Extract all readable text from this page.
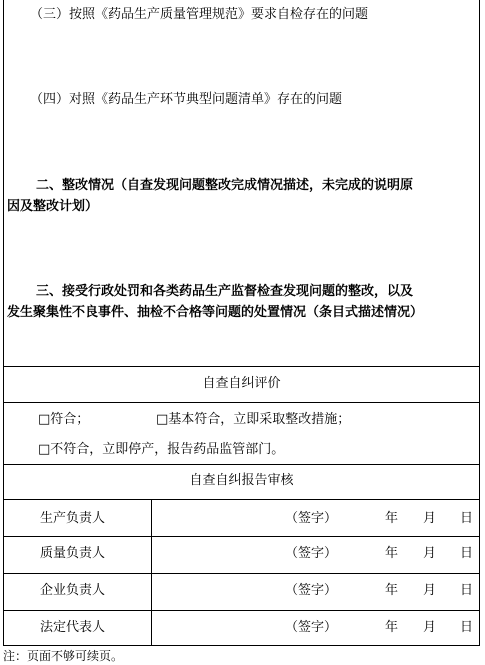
（三）按照《药品生产质量管理规范》要求自检存在的问题
（四）对照《药品生产环节典型问题清单》存在的问题
二、整改情况（自查发现问题整改完成情况描述，未完成的说明原
因及整改计划）
三、接受行政处罚和各类药品生产监督检查发现问题的整改，以及
发生聚集性不良事件、抽检不合格等问题的处置情况（条目式描述情况）
自查自纠评价
□符合；	□基本符合，立即采取整改措施；
□不符合，立即停产，报告药品监管部门。
自查自纠报告审核
生产负责人	（签字）	年 月 日
质量负责人	（签字）	年 月 日
企业负责人	（签字）	年 月 日
法定代表人	（签字）	年 月 日
注：页面不够可续页。
